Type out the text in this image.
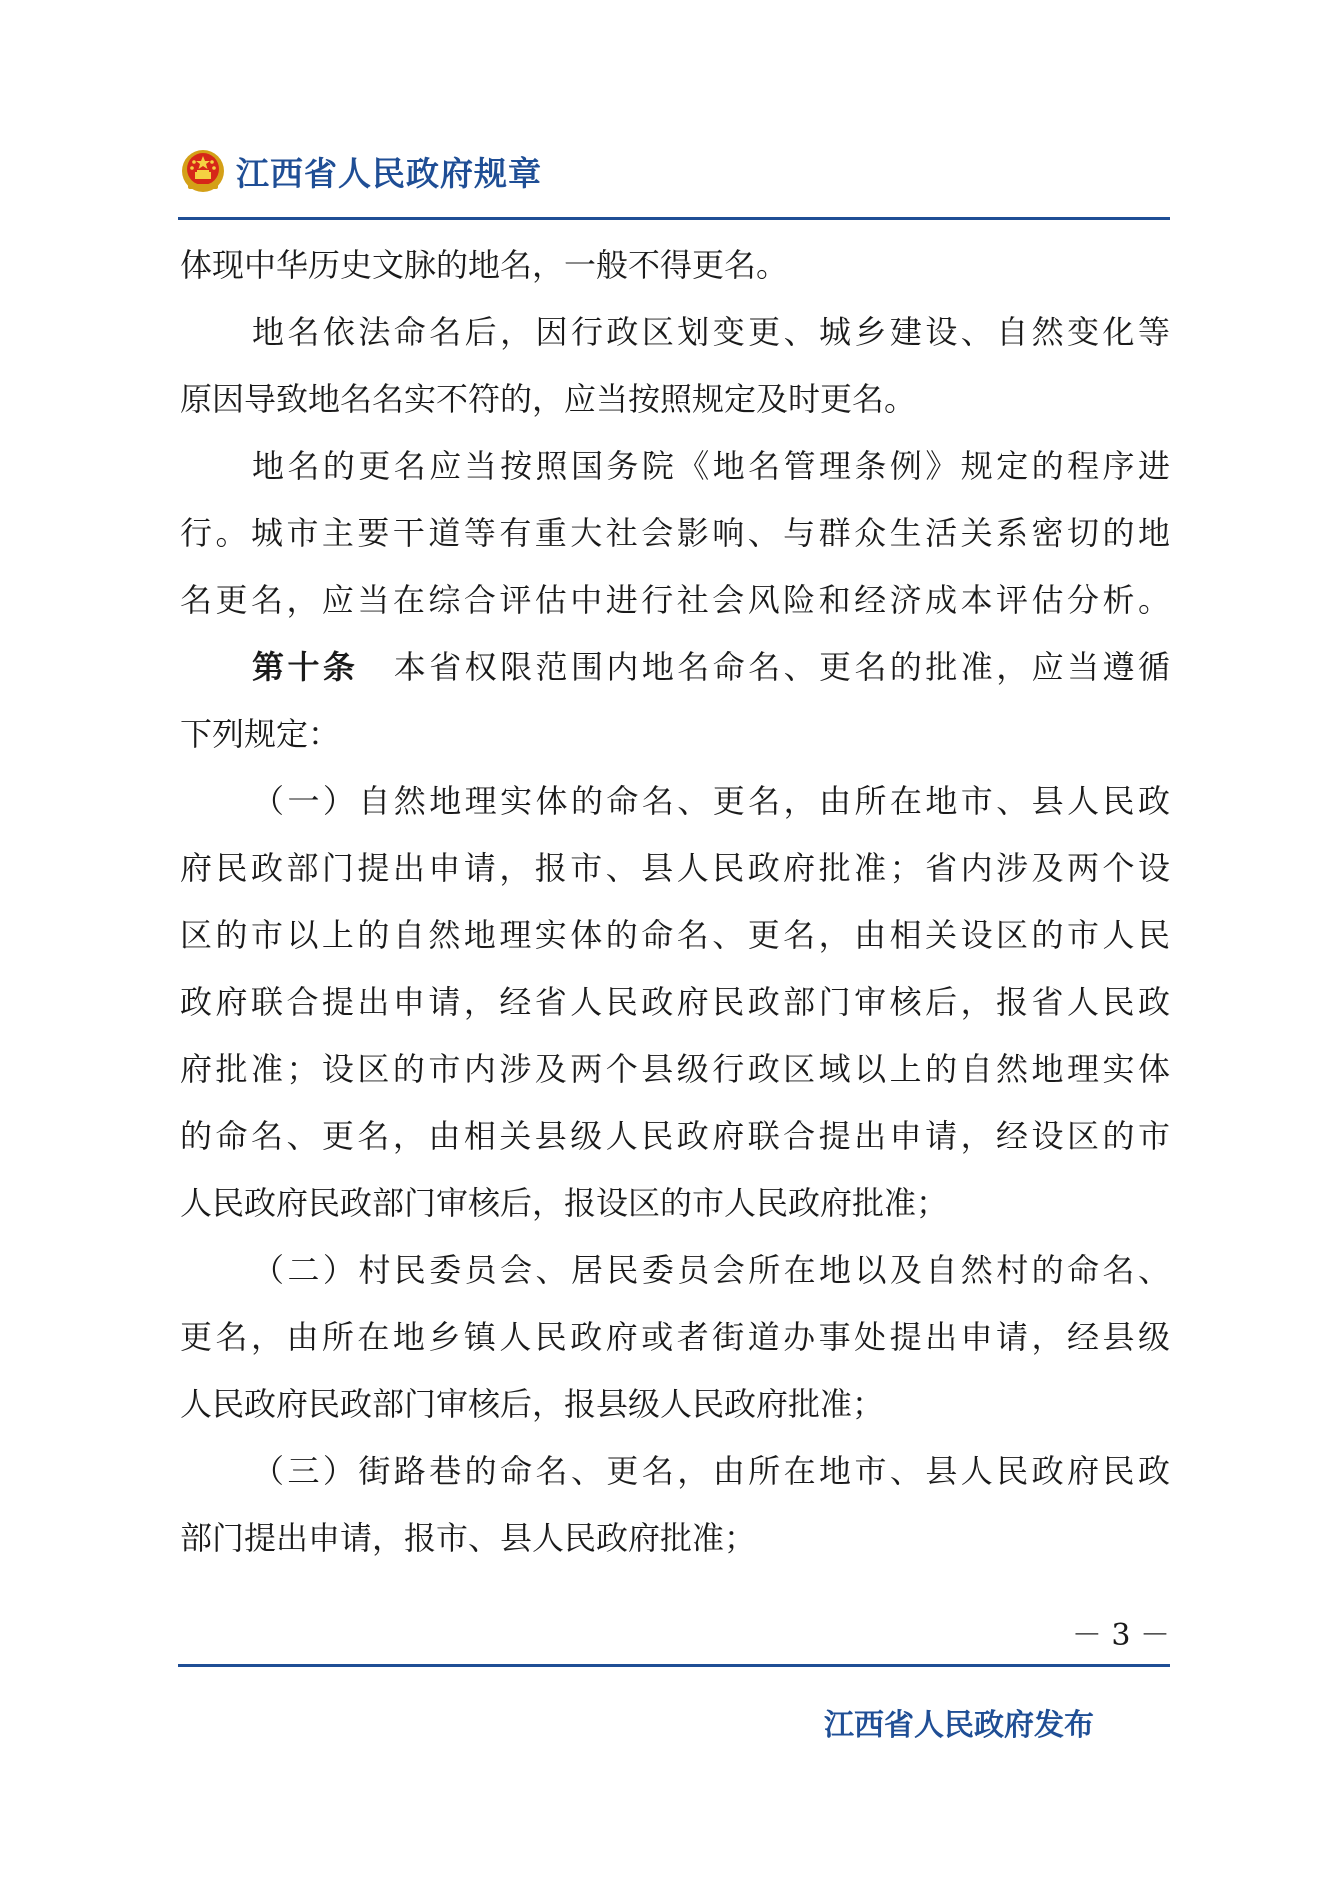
江西省人民政府规章
体现中华历史文脉的地名，一般不得更名。
地名依法命名后，因行政区划变更、城乡建设、自然变化等
原因导致地名名实不符的，应当按照规定及时更名。
地名的更名应当按照国务院《地名管理条例》规定的程序进
行。城市主要干道等有重大社会影响、与群众生活关系密切的地
名更名，应当在综合评估中进行社会风险和经济成本评估分析。
第十条　 本省权限范围内地名命名、更名的批准，应当遵循
下列规定：
（一）自然地理实体的命名、更名，由所在地市、县人民政
府民政部门提出申请，报市、县人民政府批准；省内涉及两个设
区的市以上的自然地理实体的命名、更名，由相关设区的市人民
政府联合提出申请，经省人民政府民政部门审核后，报省人民政
府批准；设区的市内涉及两个县级行政区域以上的自然地理实体
的命名、更名，由相关县级人民政府联合提出申请，经设区的市
人民政府民政部门审核后，报设区的市人民政府批准；
（二）村民委员会、居民委员会所在地以及自然村的命名、
更名，由所在地乡镇人民政府或者街道办事处提出申请，经县级
人民政府民政部门审核后，报县级人民政府批准；
（三）街路巷的命名、更名，由所在地市、县人民政府民政
部门提出申请，报市、县人民政府批准；
－ 3 －
江西省人民政府发布
